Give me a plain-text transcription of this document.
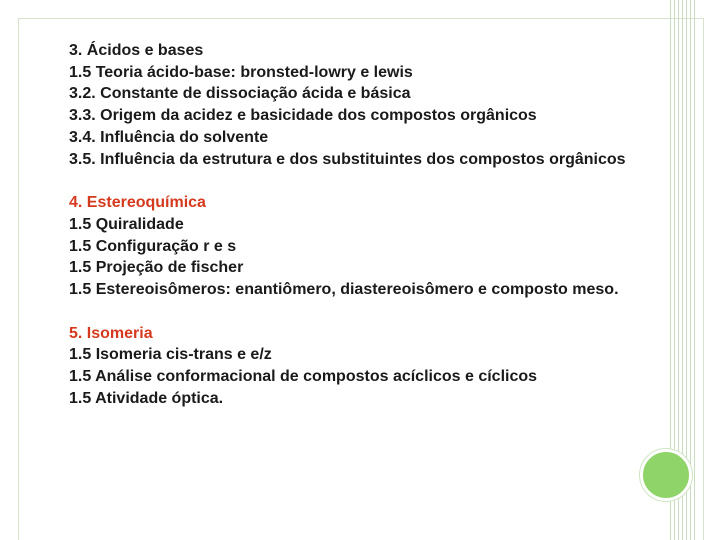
3. Ácidos e bases
1.5 Teoria ácido-base: bronsted-lowry e lewis
3.2. Constante de dissociação ácida e básica
3.3. Origem da acidez e basicidade dos compostos orgânicos
3.4. Influência do solvente
3.5. Influência da estrutura e dos substituintes dos compostos orgânicos
4. Estereoquímica
1.5 Quiralidade
1.5 Configuração r e s
1.5 Projeção de fischer
1.5 Estereoisômeros: enantiômero, diastereoisômero e composto meso.
5. Isomeria
1.5 Isomeria cis-trans e e/z
1.5 Análise conformacional de compostos acíclicos e cíclicos
1.5 Atividade óptica.
